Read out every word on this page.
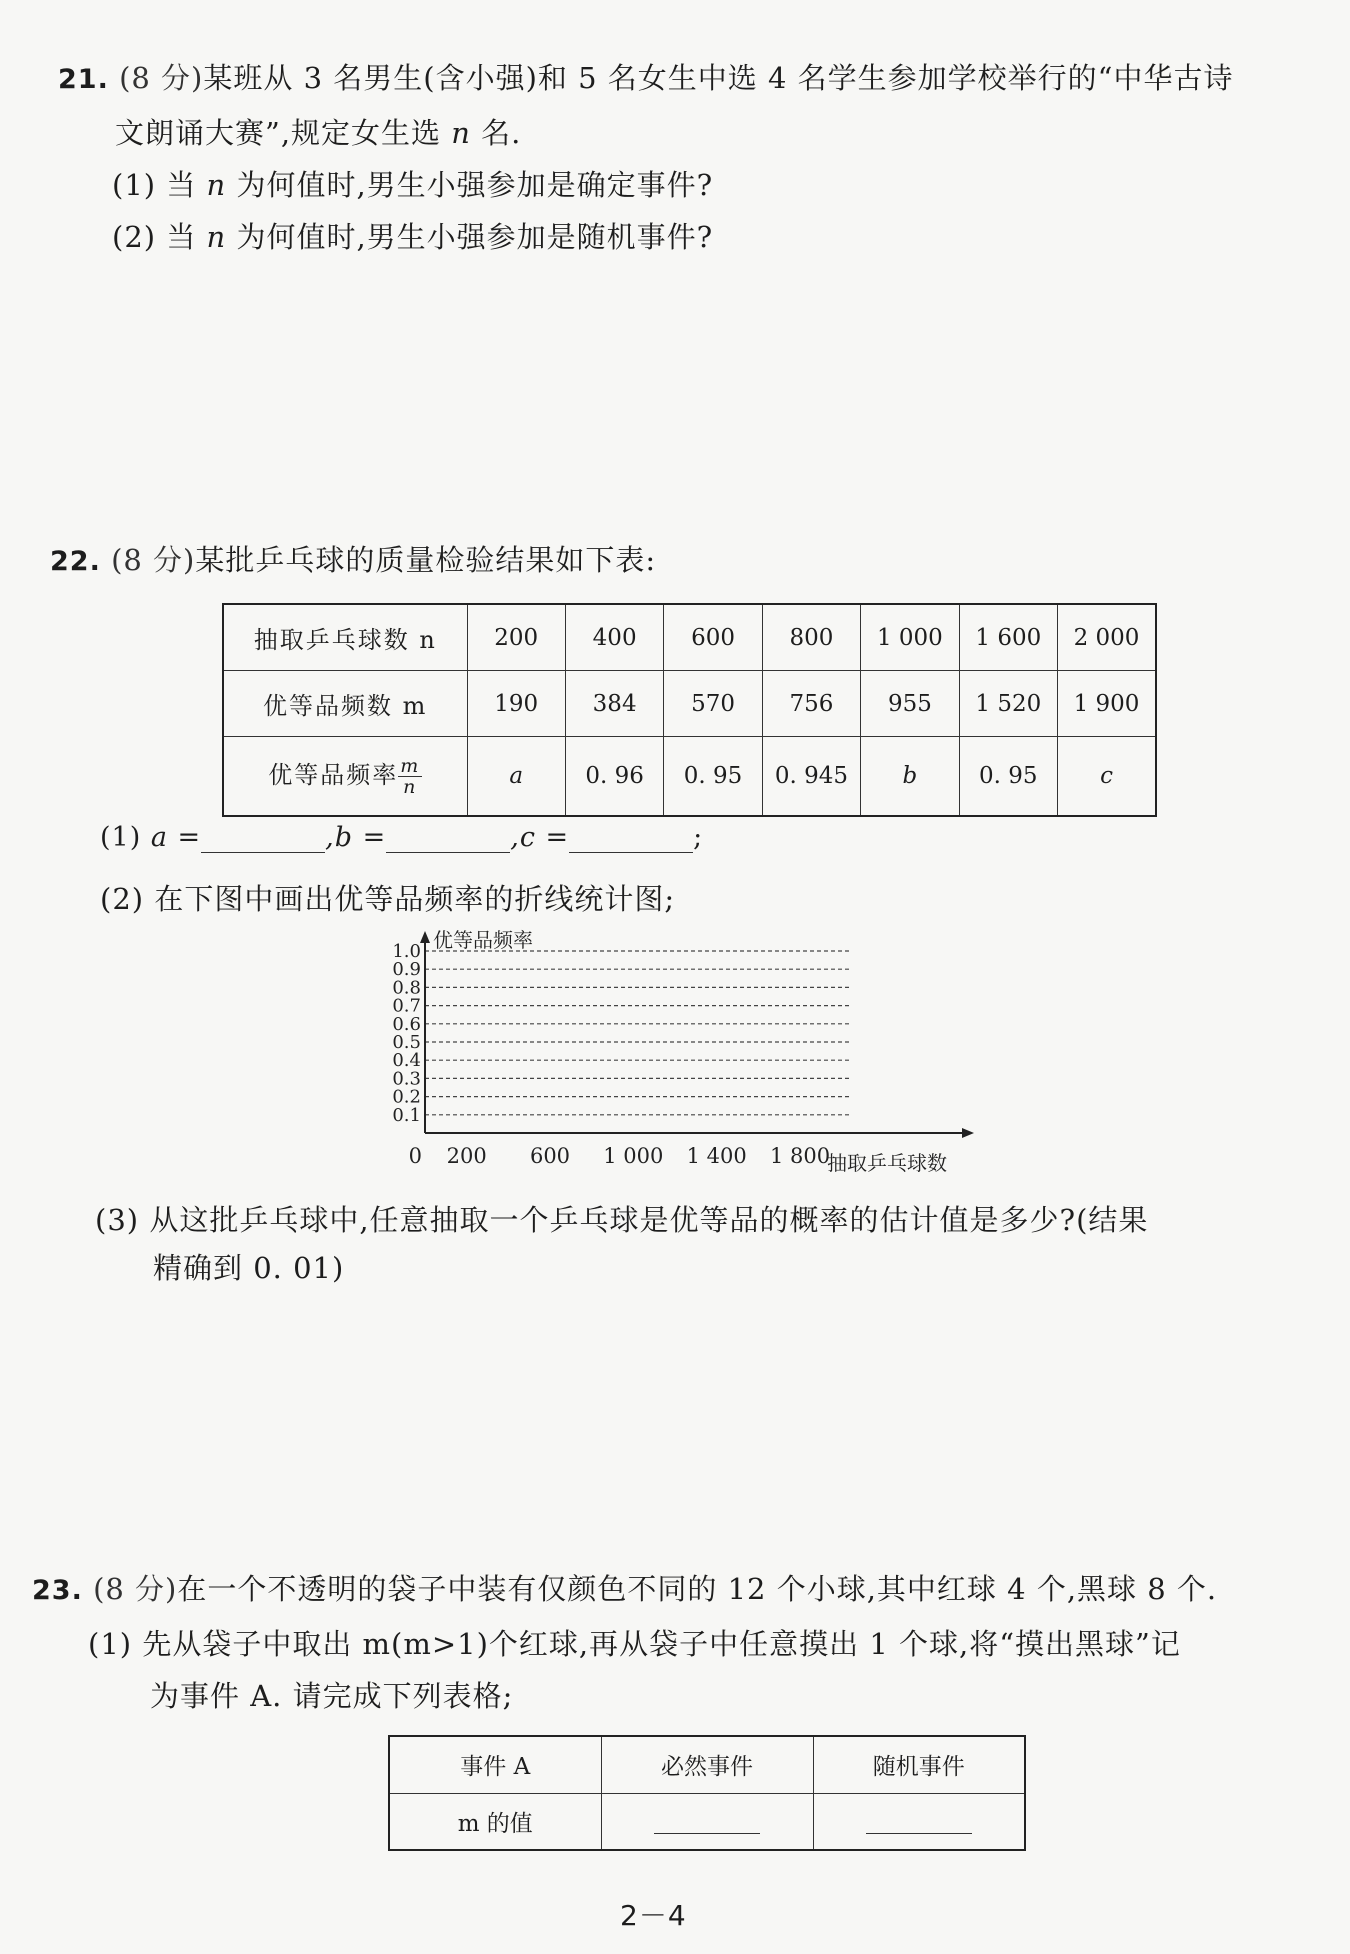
21. (8 分)某班从 3 名男生(含小强)和 5 名女生中选 4 名学生参加学校举行的“中华古诗
文朗诵大赛”,规定女生选 n 名.
(1) 当 n 为何值时,男生小强参加是确定事件?
(2) 当 n 为何值时,男生小强参加是随机事件?
22. (8 分)某批乒乓球的质量检验结果如下表:
抽取乒乓球数 n	200	400	600	800	1 000	1 600	2 000
优等品频数 m	190	384	570	756	955	1 520	1 900
优等品频率 $\frac{m}{n}$	a	0. 96	0. 95	0. 945	b	0. 95	c
(1) a =	,b =	,c =	;
(2) 在下图中画出优等品频率的折线统计图;
1.0
0.9
0.8
0.7
0.6
0.5
0.4
0.3
0.2
0.1
0 200 600 1 000 1 400 1 800
优等品频率
抽取乒乓球数
(3) 从这批乒乓球中,任意抽取一个乒乓球是优等品的概率的估计值是多少?(结果
精确到 0. 01)
23. (8 分)在一个不透明的袋子中装有仅颜色不同的 12 个小球,其中红球 4 个,黑球 8 个.
(1) 先从袋子中取出 m(m>1)个红球,再从袋子中任意摸出 1 个球,将“摸出黑球”记
为事件 A. 请完成下列表格;
事件 A	必然事件	随机事件
m 的值		
2－4
